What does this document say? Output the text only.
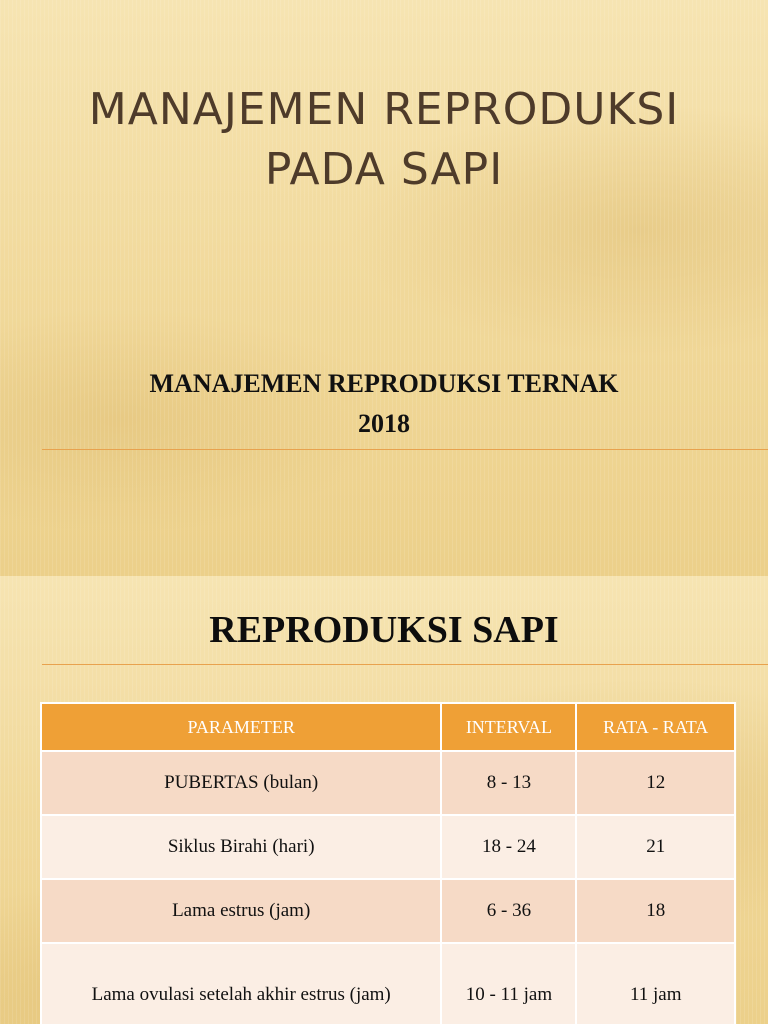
MANAJEMEN REPRODUKSI
PADA SAPI
MANAJEMEN REPRODUKSI TERNAK
2018
REPRODUKSI SAPI
PARAMETER	INTERVAL	RATA - RATA
PUBERTAS (bulan)	8 - 13	12
Siklus Birahi (hari)	18 - 24	21
Lama estrus (jam)	6 - 36	18
Lama ovulasi setelah akhir estrus (jam)	10 - 11 jam	11 jam
